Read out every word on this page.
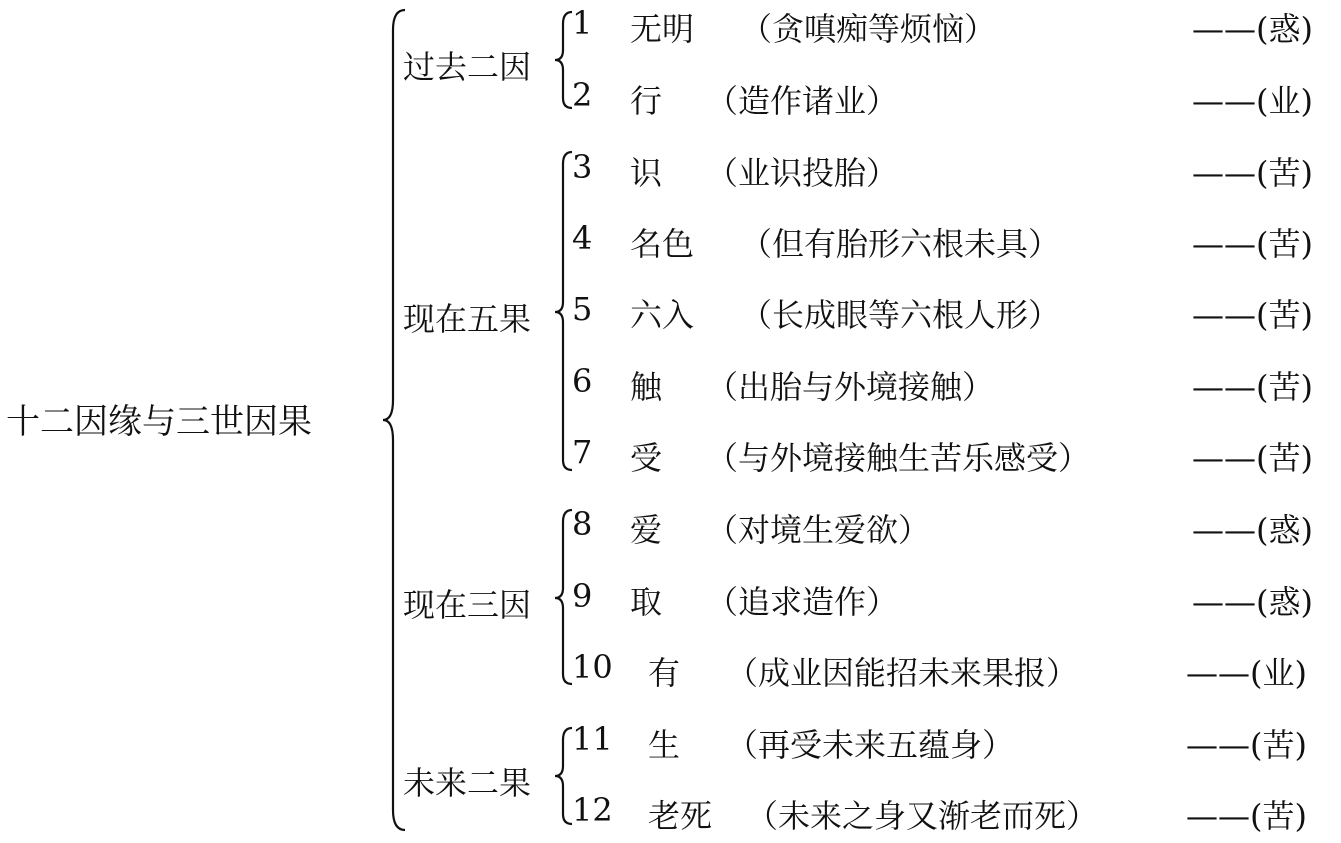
十二因缘与三世因果
过去二因
现在五果
现在三因
未来二果
1 无明 （贪嗔痴等烦恼）	——(惑)
2 行 （造作诸业）	——(业)
3 识 （业识投胎）	——(苦)
4 名色 （但有胎形六根未具）	——(苦)
5 六入 （长成眼等六根人形）	——(苦)
6 触 （出胎与外境接触）	——(苦)
7 受 （与外境接触生苦乐感受）	——(苦)
8 爱 （对境生爱欲）	——(惑)
9 取 （追求造作）	——(惑)
10 有 （成业因能招未来果报）	——(业)
11 生 （再受未来五蕴身）	——(苦)
12 老死 （未来之身又渐老而死）	——(苦)
